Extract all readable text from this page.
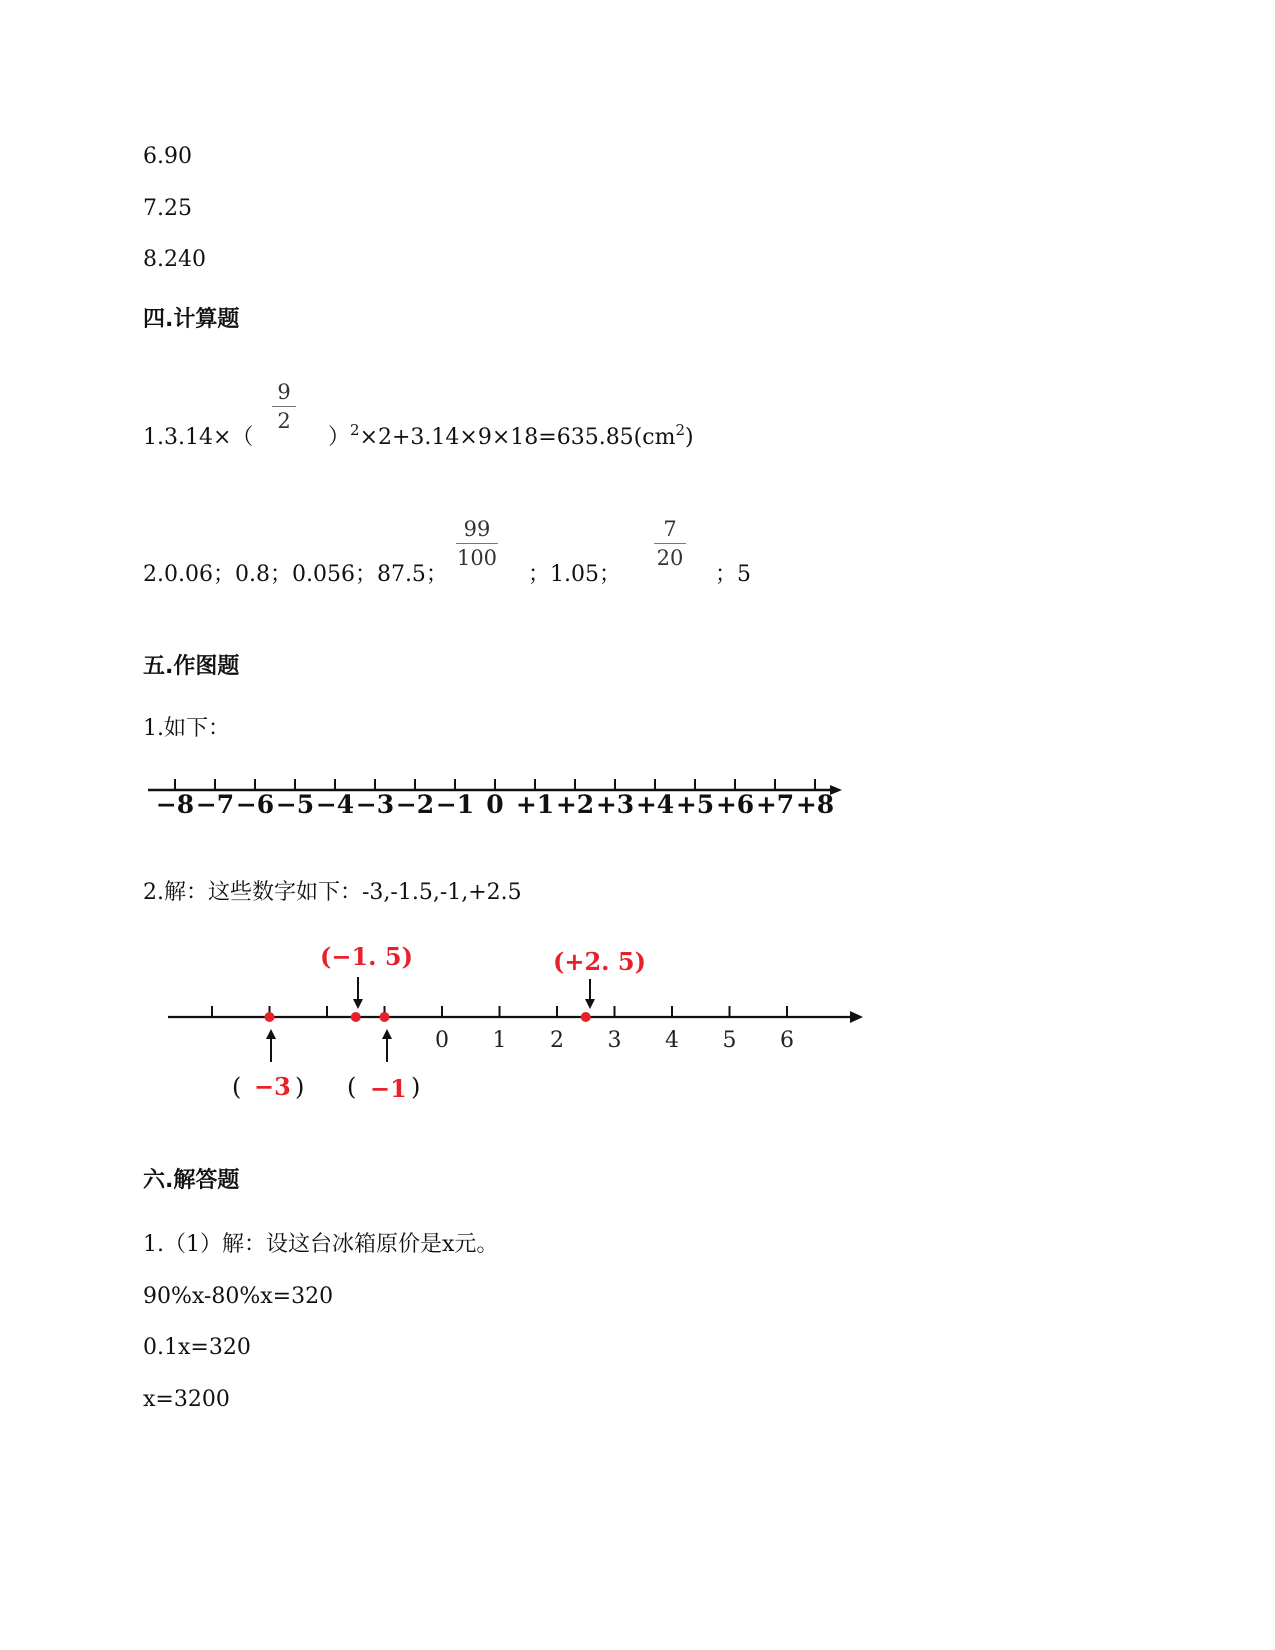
6.90
7.25
8.240
四.计算题
9
2
1.3.14×（	）$^2\times 2+3.14\times 9\times 18=635.85(cm^2)$
99
100
7
20
2.0.06；0.8；0.056；87.5；	；1.05；	；5
五.作图题
1.如下：
−8 −7 −6 −5 −4 −3 −2 −1 0 +1 +2 +3 +4 +5 +6 +7 +8
2.解：这些数字如下：-3,-1.5,-1,+2.5
0 1 2 3 4 5 6
(−1. 5)	(+2. 5)
( −3 ) ( −1 )
六.解答题
1.（1）解：设这台冰箱原价是x元。
90%x-80%x=320
0.1x=320
x=3200
